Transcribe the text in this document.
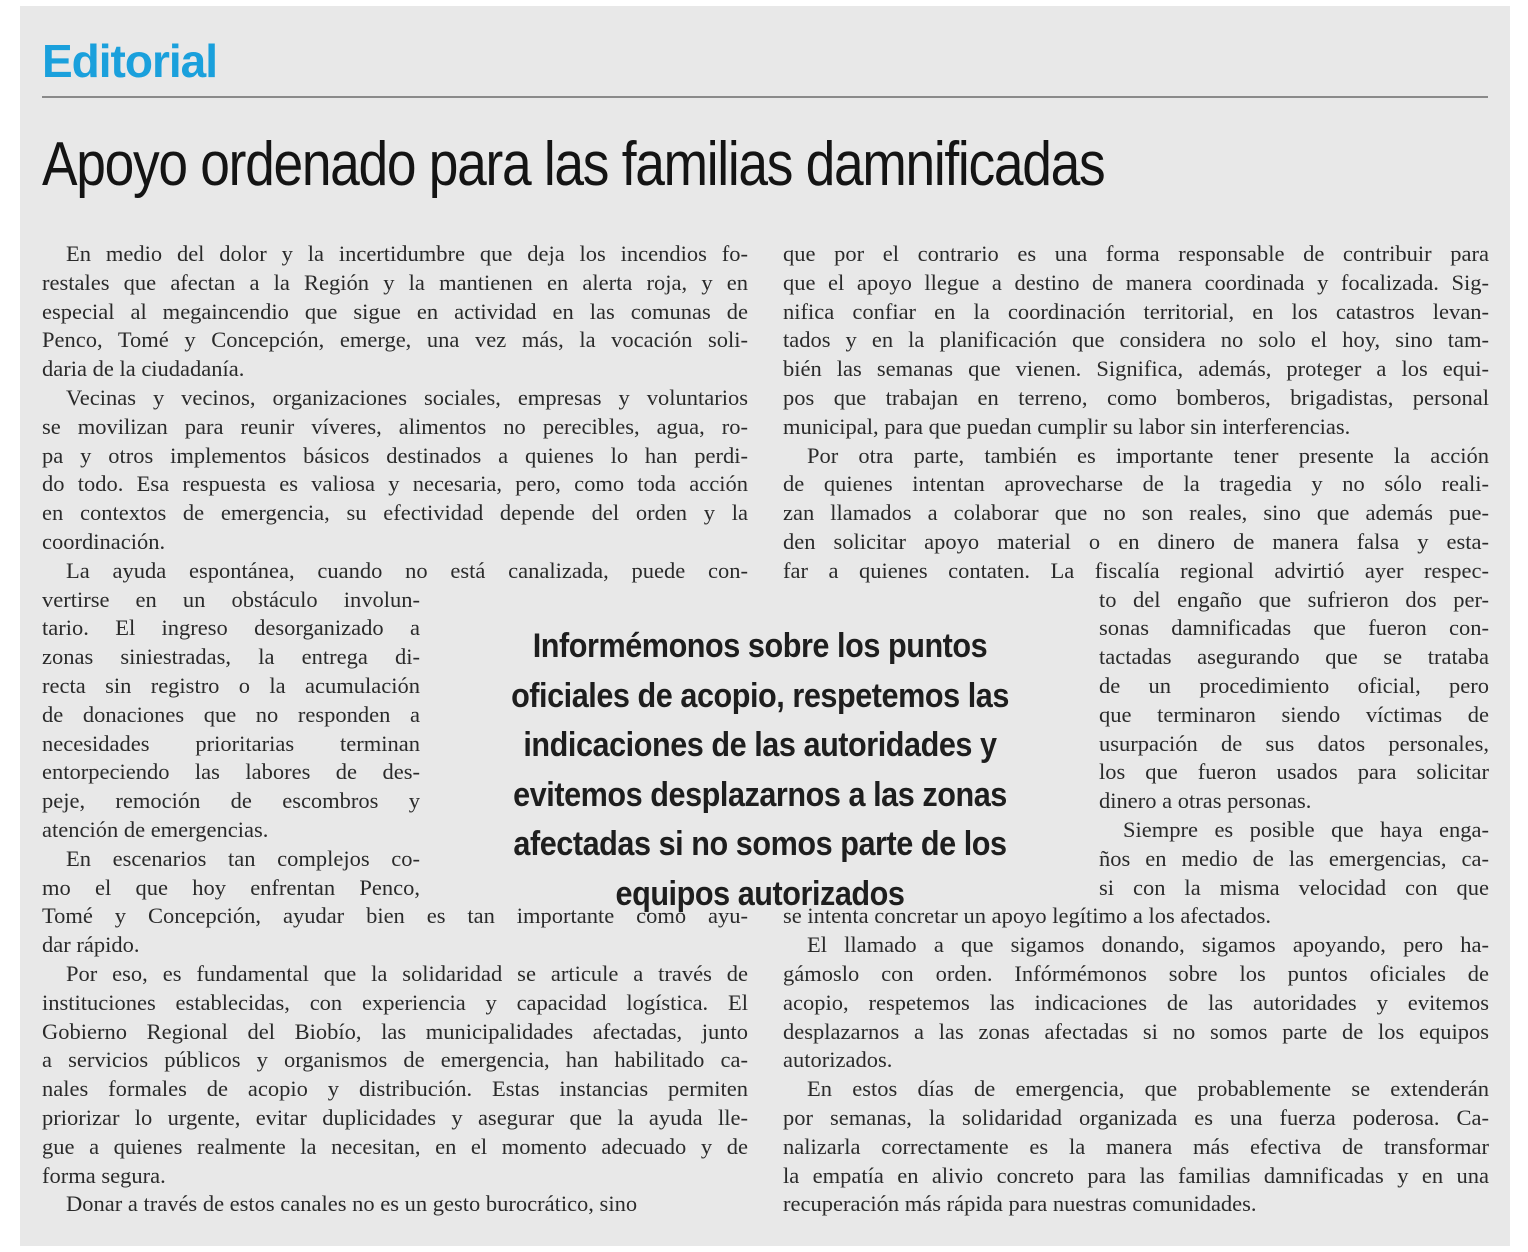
Editorial
Apoyo ordenado para las familias damnificadas
En medio del dolor y la incertidumbre que deja los incendios fo-
restales que afectan a la Región y la mantienen en alerta roja, y en
especial al megaincendio que sigue en actividad en las comunas de
Penco, Tomé y Concepción, emerge, una vez más, la vocación soli-
daria de la ciudadanía.
Vecinas y vecinos, organizaciones sociales, empresas y voluntarios
se movilizan para reunir víveres, alimentos no perecibles, agua, ro-
pa y otros implementos básicos destinados a quienes lo han perdi-
do todo. Esa respuesta es valiosa y necesaria, pero, como toda acción
en contextos de emergencia, su efectividad depende del orden y la
coordinación.
La ayuda espontánea, cuando no está canalizada, puede con-
vertirse en un obstáculo involun-
tario. El ingreso desorganizado a
zonas siniestradas, la entrega di-
recta sin registro o la acumulación
de donaciones que no responden a
necesidades prioritarias terminan
entorpeciendo las labores de des-
peje, remoción de escombros y
atención de emergencias.
En escenarios tan complejos co-
mo el que hoy enfrentan Penco,
Tomé y Concepción, ayudar bien es tan importante como ayu-
dar rápido.
Por eso, es fundamental que la solidaridad se articule a través de
instituciones establecidas, con experiencia y capacidad logística. El
Gobierno Regional del Biobío, las municipalidades afectadas, junto
a servicios públicos y organismos de emergencia, han habilitado ca-
nales formales de acopio y distribución. Estas instancias permiten
priorizar lo urgente, evitar duplicidades y asegurar que la ayuda lle-
gue a quienes realmente la necesitan, en el momento adecuado y de
forma segura.
Donar a través de estos canales no es un gesto burocrático, sino
que por el contrario es una forma responsable de contribuir para
que el apoyo llegue a destino de manera coordinada y focalizada. Sig-
nifica confiar en la coordinación territorial, en los catastros levan-
tados y en la planificación que considera no solo el hoy, sino tam-
bién las semanas que vienen. Significa, además, proteger a los equi-
pos que trabajan en terreno, como bomberos, brigadistas, personal
municipal, para que puedan cumplir su labor sin interferencias.
Por otra parte, también es importante tener presente la acción
de quienes intentan aprovecharse de la tragedia y no sólo reali-
zan llamados a colaborar que no son reales, sino que además pue-
den solicitar apoyo material o en dinero de manera falsa y esta-
far a quienes contaten. La fiscalía regional advirtió ayer respec-
to del engaño que sufrieron dos per-
sonas damnificadas que fueron con-
tactadas asegurando que se trataba
de un procedimiento oficial, pero
que terminaron siendo víctimas de
usurpación de sus datos personales,
los que fueron usados para solicitar
dinero a otras personas.
Siempre es posible que haya enga-
ños en medio de las emergencias, ca-
si con la misma velocidad con que
se intenta concretar un apoyo legítimo a los afectados.
El llamado a que sigamos donando, sigamos apoyando, pero ha-
gámoslo con orden. Infórmémonos sobre los puntos oficiales de
acopio, respetemos las indicaciones de las autoridades y evitemos
desplazarnos a las zonas afectadas si no somos parte de los equipos
autorizados.
En estos días de emergencia, que probablemente se extenderán
por semanas, la solidaridad organizada es una fuerza poderosa. Ca-
nalizarla correctamente es la manera más efectiva de transformar
la empatía en alivio concreto para las familias damnificadas y en una
recuperación más rápida para nuestras comunidades.
Informémonos sobre los puntos oficiales de acopio, respetemos las indicaciones de las autoridades y evitemos desplazarnos a las zonas afectadas si no somos parte de los equipos autorizados
